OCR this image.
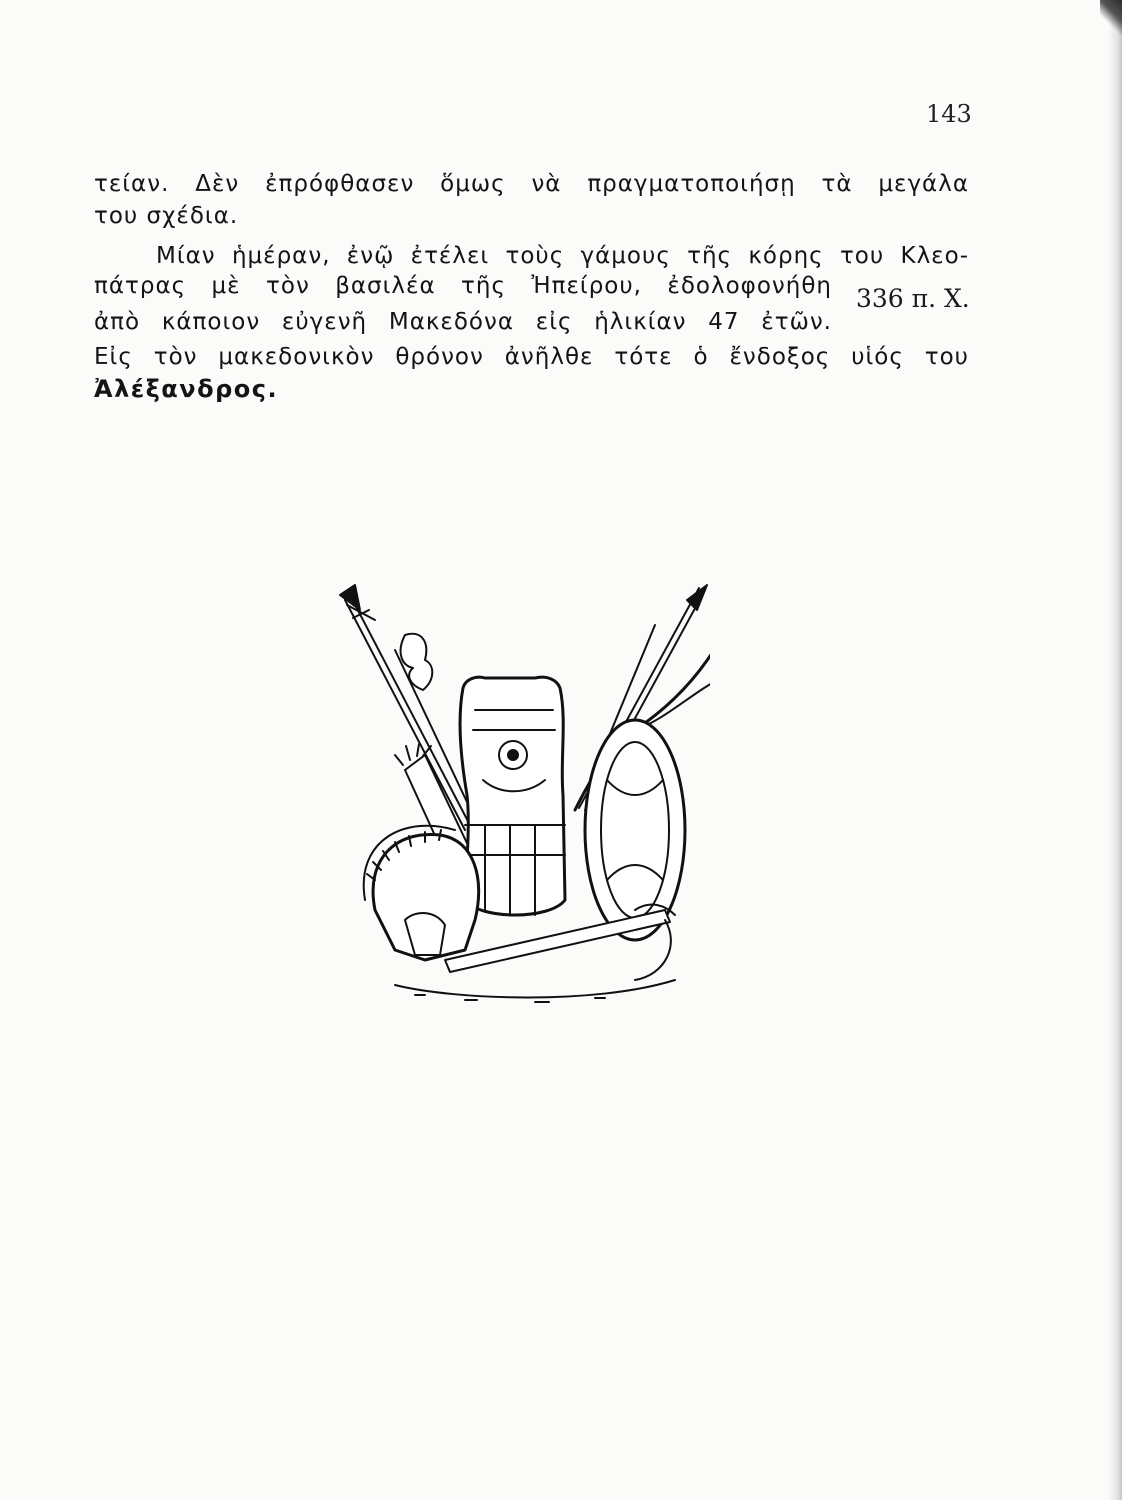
143
τείαν. Δὲν ἐπρόφθασεν ὅμως νὰ πραγματοποιήσῃ τὰ μεγάλα
του σχέδια.
Μίαν ἡμέραν, ἐνῷ ἐτέλει τοὺς γάμους τῆς κόρης του Κλεο-
πάτρας μὲ τὸν βασιλέα τῆς Ἠπείρου, ἐδολοφονήθη
ἀπὸ κάποιον εὐγενῆ Μακεδόνα εἰς ἡλικίαν 47 ἐτῶν.
Εἰς τὸν μακεδονικὸν θρόνον ἀνῆλθε τότε ὁ ἔνδοξος υἱός του
Ἀλέξανδρος.
336 π. Χ.
